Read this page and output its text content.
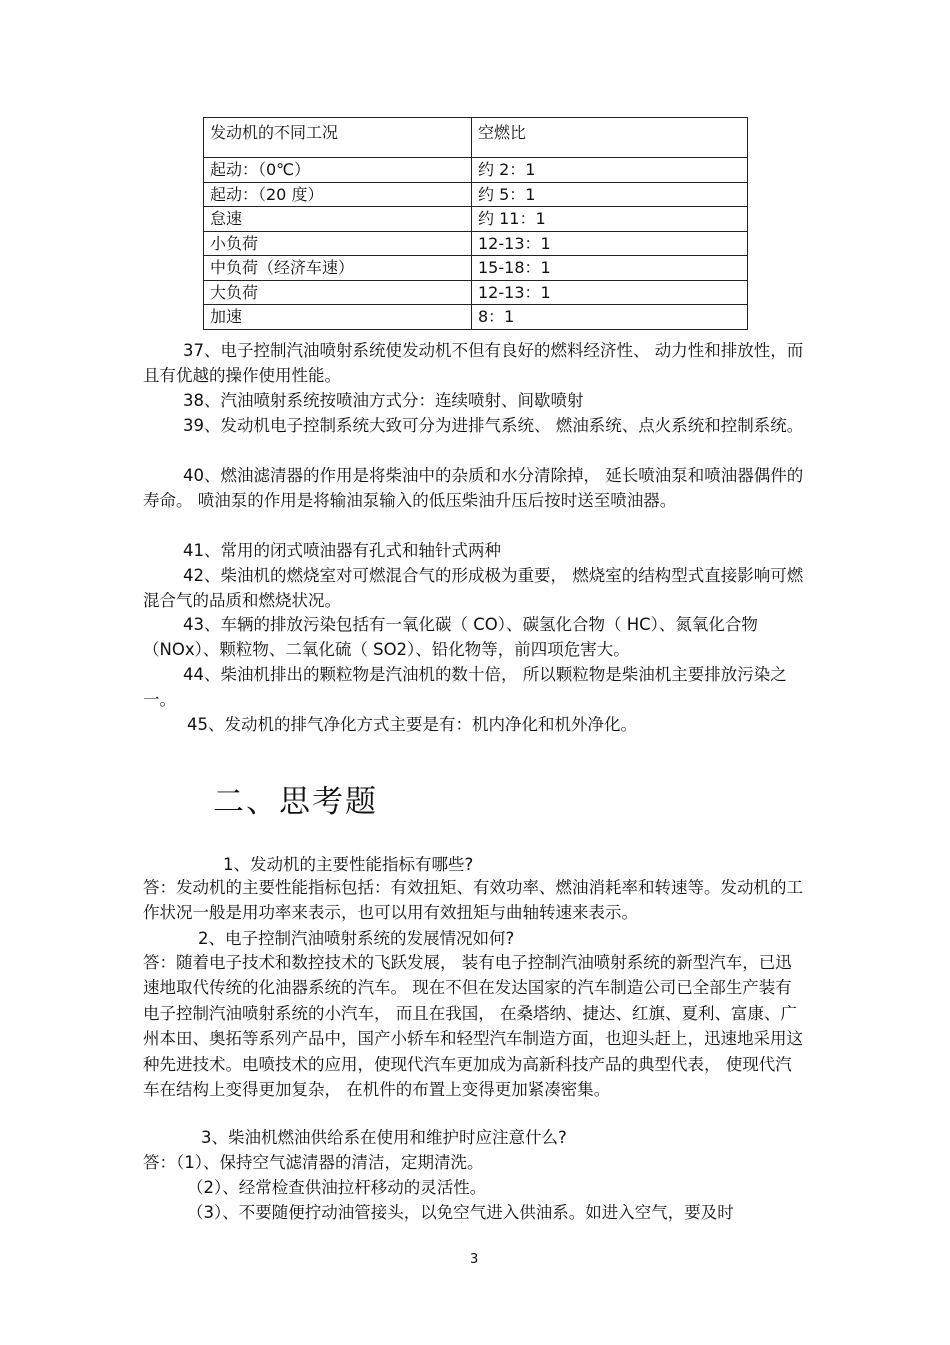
发动机的不同工况	空燃比
起动：（0℃）	约 2：1
起动：（20 度）	约 5：1
怠速	约 11：1
小负荷	12-13：1
中负荷（经济车速）	15-18：1
大负荷	12-13：1
加速	8：1

37、电子控制汽油喷射系统使发动机不但有良好的燃料经济性、 动力性和排放性，而且有优越的操作使用性能。

38、汽油喷射系统按喷油方式分：连续喷射、间歇喷射

39、发动机电子控制系统大致可分为进排气系统、 燃油系统、点火系统和控制系统。

40、燃油滤清器的作用是将柴油中的杂质和水分清除掉， 延长喷油泵和喷油器偶件的寿命。 喷油泵的作用是将输油泵输入的低压柴油升压后按时送至喷油器。

41、常用的闭式喷油器有孔式和轴针式两种

42、柴油机的燃烧室对可燃混合气的形成极为重要， 燃烧室的结构型式直接影响可燃混合气的品质和燃烧状况。

43、车辆的排放污染包括有一氧化碳（ CO）、碳氢化合物（ HC）、氮氧化合物（NOx）、颗粒物、二氧化硫（ SO2）、铅化物等，前四项危害大。

44、柴油机排出的颗粒物是汽油机的数十倍， 所以颗粒物是柴油机主要排放污染之一。

45、发动机的排气净化方式主要是有：机内净化和机外净化。

二、思考题

1、发动机的主要性能指标有哪些?

答：发动机的主要性能指标包括：有效扭矩、有效功率、燃油消耗率和转速等。发动机的工作状况一般是用功率来表示，也可以用有效扭矩与曲轴转速来表示。

2、电子控制汽油喷射系统的发展情况如何?

答：随着电子技术和数控技术的飞跃发展， 装有电子控制汽油喷射系统的新型汽车，已迅速地取代传统的化油器系统的汽车。 现在不但在发达国家的汽车制造公司已全部生产装有电子控制汽油喷射系统的小汽车， 而且在我国， 在桑塔纳、捷达、红旗、夏利、富康、广州本田、奥拓等系列产品中，国产小轿车和轻型汽车制造方面，也迎头赶上，迅速地采用这种先进技术。电喷技术的应用，使现代汽车更加成为高新科技产品的典型代表， 使现代汽车在结构上变得更加复杂， 在机件的布置上变得更加紧凑密集。

3、柴油机燃油供给系在使用和维护时应注意什么?

答：（1）、保持空气滤清器的清洁，定期清洗。

（2）、经常检查供油拉杆移动的灵活性。

（3）、不要随便拧动油管接头，以免空气进入供油系。如进入空气，要及时

3
